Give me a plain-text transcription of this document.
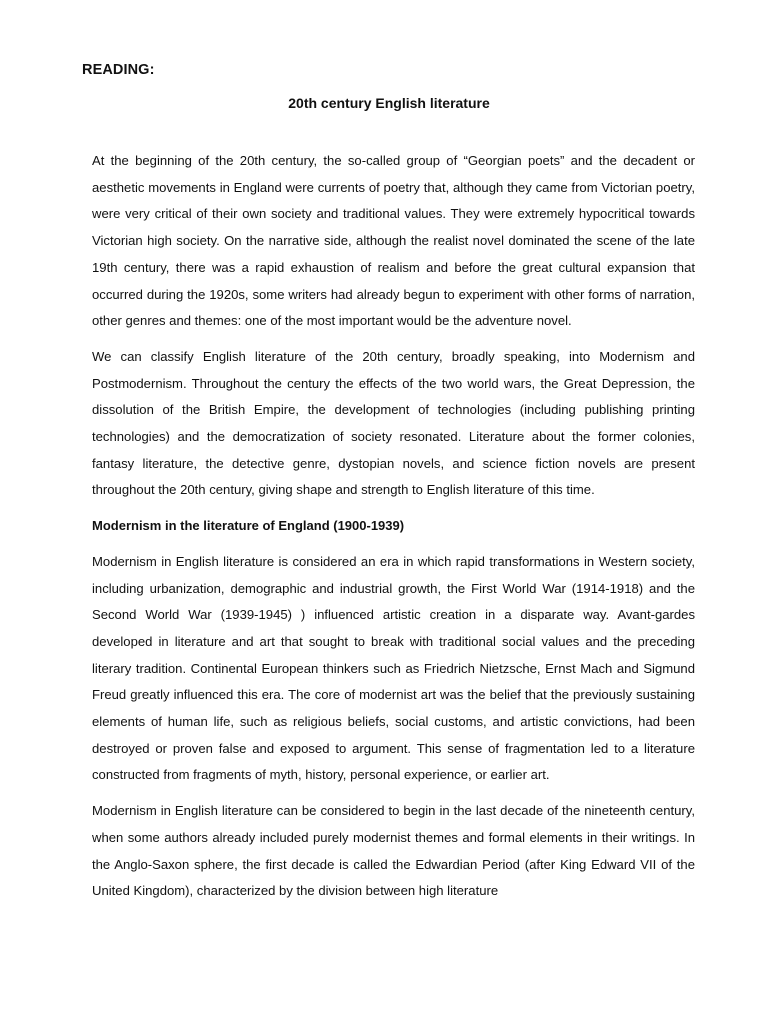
READING:
20th century English literature

At the beginning of the 20th century, the so-called group of “Georgian poets” and the decadent or aesthetic movements in England were currents of poetry that, although they came from Victorian poetry, were very critical of their own society and traditional values. They were extremely hypocritical towards Victorian high society. On the narrative side, although the realist novel dominated the scene of the late 19th century, there was a rapid exhaustion of realism and before the great cultural expansion that occurred during the 1920s, some writers had already begun to experiment with other forms of narration, other genres and themes: one of the most important would be the adventure novel.

We can classify English literature of the 20th century, broadly speaking, into Modernism and Postmodernism. Throughout the century the effects of the two world wars, the Great Depression, the dissolution of the British Empire, the development of technologies (including publishing printing technologies) and the democratization of society resonated. Literature about the former colonies, fantasy literature, the detective genre, dystopian novels, and science fiction novels are present throughout the 20th century, giving shape and strength to English literature of this time.

Modernism in the literature of England (1900-1939)

Modernism in English literature is considered an era in which rapid transformations in Western society, including urbanization, demographic and industrial growth, the First World War (1914-1918) and the Second World War (1939-1945) ) influenced artistic creation in a disparate way. Avant-gardes developed in literature and art that sought to break with traditional social values and the preceding literary tradition. Continental European thinkers such as Friedrich Nietzsche, Ernst Mach and Sigmund Freud greatly influenced this era. The core of modernist art was the belief that the previously sustaining elements of human life, such as religious beliefs, social customs, and artistic convictions, had been destroyed or proven false and exposed to argument. This sense of fragmentation led to a literature constructed from fragments of myth, history, personal experience, or earlier art.

Modernism in English literature can be considered to begin in the last decade of the nineteenth century, when some authors already included purely modernist themes and formal elements in their writings. In the Anglo-Saxon sphere, the first decade is called the Edwardian Period (after King Edward VII of the United Kingdom), characterized by the division between high literature
